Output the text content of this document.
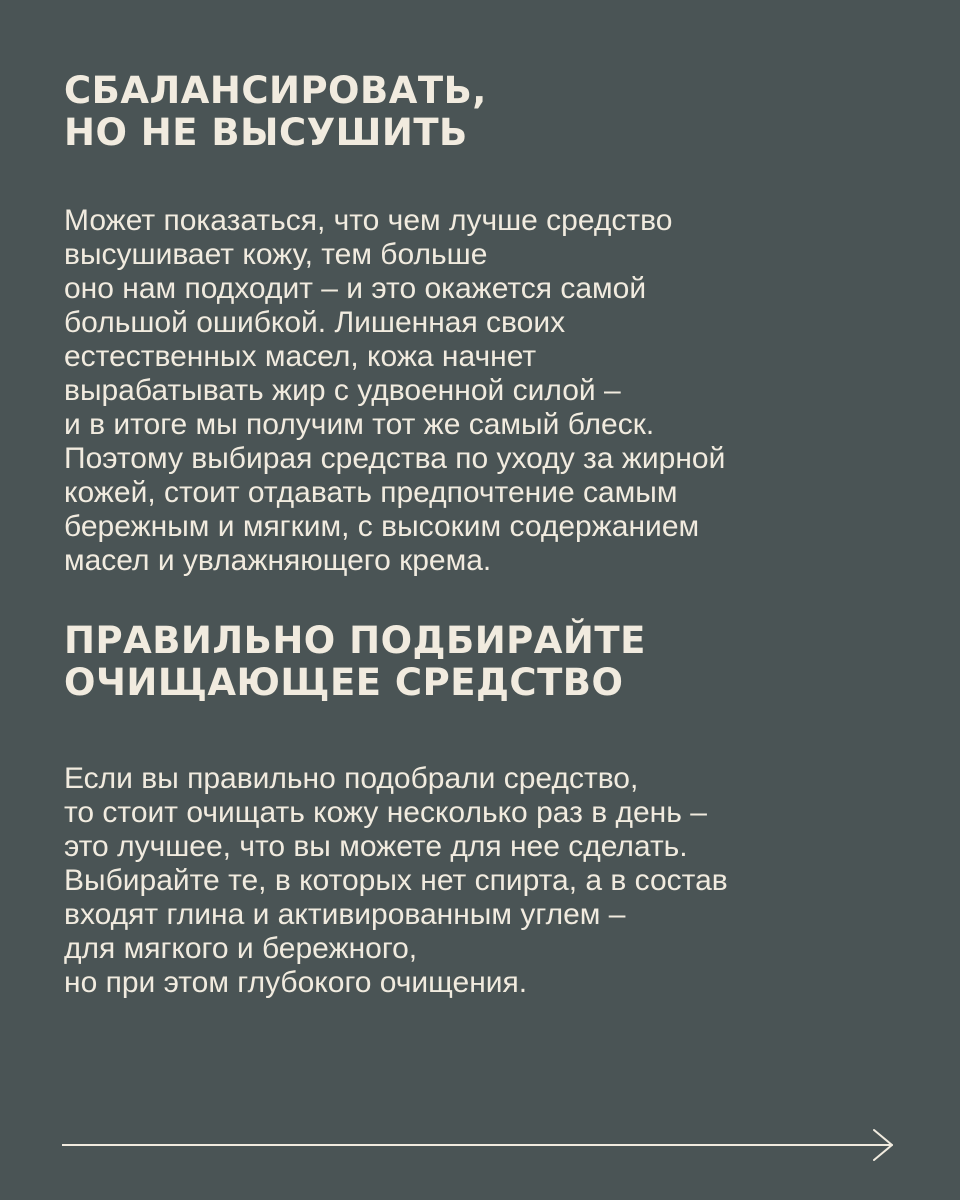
СБАЛАНСИРОВАТЬ,
НО НЕ ВЫСУШИТЬ

Может показаться, что чем лучше средство
высушивает кожу, тем больше
оно нам подходит – и это окажется самой
большой ошибкой. Лишенная своих
естественных масел, кожа начнет
вырабатывать жир с удвоенной силой –
и в итоге мы получим тот же самый блеск.
Поэтому выбирая средства по уходу за жирной
кожей, стоит отдавать предпочтение самым
бережным и мягким, с высоким содержанием
масел и увлажняющего крема.

ПРАВИЛЬНО ПОДБИРАЙТЕ
ОЧИЩАЮЩЕЕ СРЕДСТВО

Если вы правильно подобрали средство,
то стоит очищать кожу несколько раз в день –
это лучшее, что вы можете для нее сделать.
Выбирайте те, в которых нет спирта, а в состав
входят глина и активированным углем –
для мягкого и бережного,
но при этом глубокого очищения.
